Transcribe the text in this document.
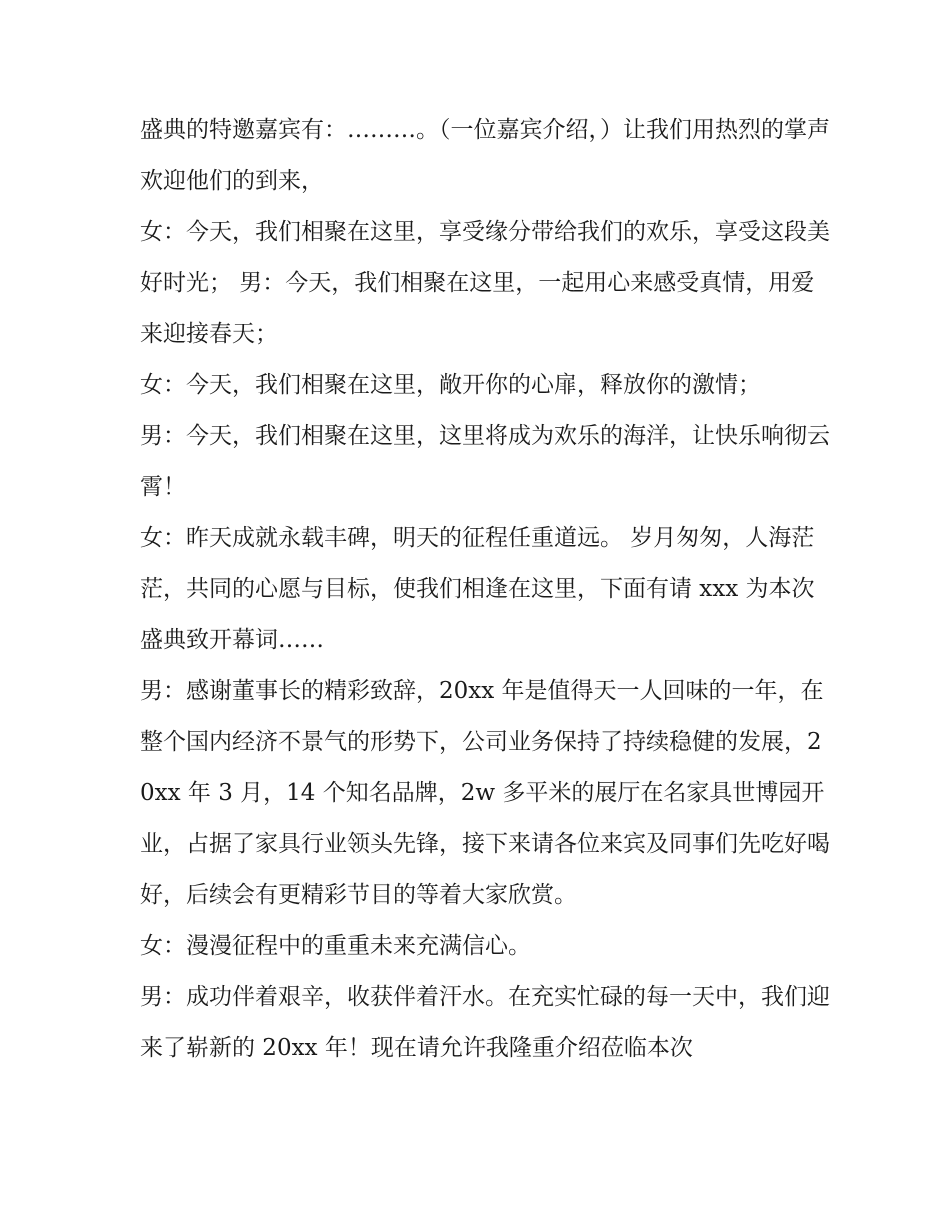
盛典的特邀嘉宾有：………。（一位嘉宾介绍，）让我们用热烈的掌声欢迎他们的到来，

女：今天，我们相聚在这里，享受缘分带给我们的欢乐，享受这段美好时光； 男：今天，我们相聚在这里，一起用心来感受真情，用爱来迎接春天；

女：今天，我们相聚在这里，敞开你的心扉，释放你的激情；

男：今天，我们相聚在这里，这里将成为欢乐的海洋，让快乐响彻云霄！

女：昨天成就永载丰碑，明天的征程任重道远。 岁月匆匆，人海茫茫，共同的心愿与目标，使我们相逢在这里，下面有请 xxx 为本次盛典致开幕词……

男：感谢董事长的精彩致辞，20xx 年是值得天一人回味的一年，在整个国内经济不景气的形势下，公司业务保持了持续稳健的发展，20xx 年 3 月，14 个知名品牌，2w 多平米的展厅在名家具世博园开业，占据了家具行业领头先锋，接下来请各位来宾及同事们先吃好喝好，后续会有更精彩节目的等着大家欣赏。

女：漫漫征程中的重重未来充满信心。

男：成功伴着艰辛，收获伴着汗水。在充实忙碌的每一天中，我们迎来了崭新的 20xx 年！现在请允许我隆重介绍莅临本次
